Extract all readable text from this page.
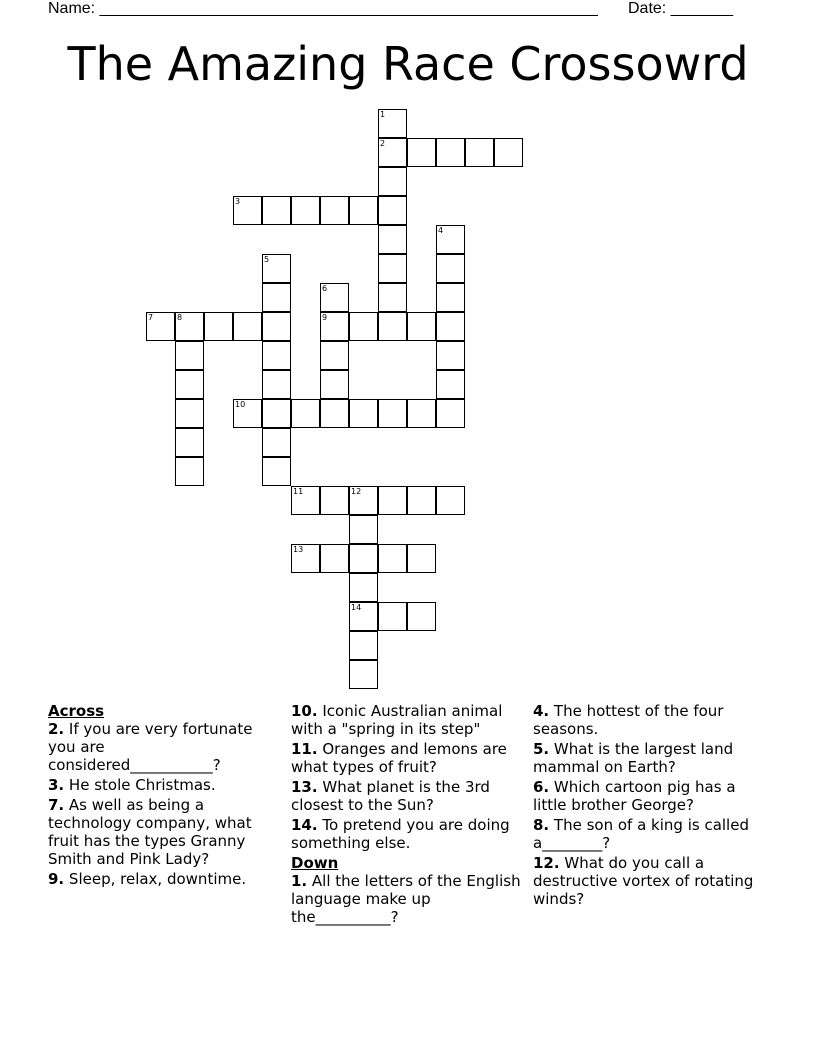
Name: ________________________________________________________ Date: _______
The Amazing Race Crossowrd
1
2
3
4
5
6
9
7	8
10
11	12
14
13

Across

2. If you are very fortunate you are considered___________?

3. He stole Christmas.

7. As well as being a technology company, what fruit has the types Granny Smith and Pink Lady?

9. Sleep, relax, downtime.

10. Iconic Australian animal with a "spring in its step"

11. Oranges and lemons are what types of fruit?

13. What planet is the 3rd closest to the Sun?

14. To pretend you are doing something else.

Down

1. All the letters of the English language make up the__________?

4. The hottest of the four seasons.

5. What is the largest land mammal on Earth?

6. Which cartoon pig has a little brother George?

8. The son of a king is called a________?

12. What do you call a destructive vortex of rotating winds?
